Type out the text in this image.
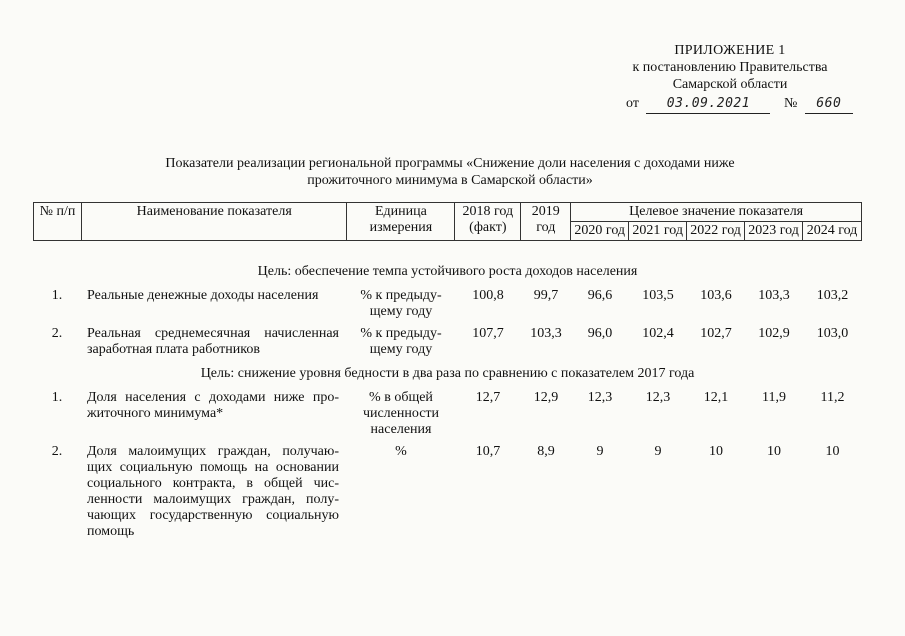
ПРИЛОЖЕНИЕ 1
к постановлению Правительства
Самарской области
от 03.09.2021 № 660
Показатели реализации региональной программы «Снижение доли населения с доходами ниже
прожиточного минимума в Самарской области»
№ п/п	Наименование показателя	Единица измерения	2018 год (факт)	2019 год	Целевое значение показателя				
					2020 год	2021 год	2022 год	2023 год	2024 год
Цель: обеспечение темпа устойчивого роста доходов населения									
1.	Реальные денежные доходы населения	% к предыду-щему году	100,8	99,7	96,6	103,5	103,6	103,3	103,2
2.	Реальная среднемесячная начисленная заработная плата работников	% к предыду-щему году	107,7	103,3	96,0	102,4	102,7	102,9	103,0
Цель: снижение уровня бедности в два раза по сравнению с показателем 2017 года									
1.	Доля населения с доходами ниже про-житочного минимума*	% в общей численности населения	12,7	12,9	12,3	12,3	12,1	11,9	11,2
2.	Доля малоимущих граждан, получаю-щих социальную помощь на основании социального контракта, в общей чис-ленности малоимущих граждан, полу-чающих государственную социальную помощь	%	10,7	8,9	9	9	10	10	10
